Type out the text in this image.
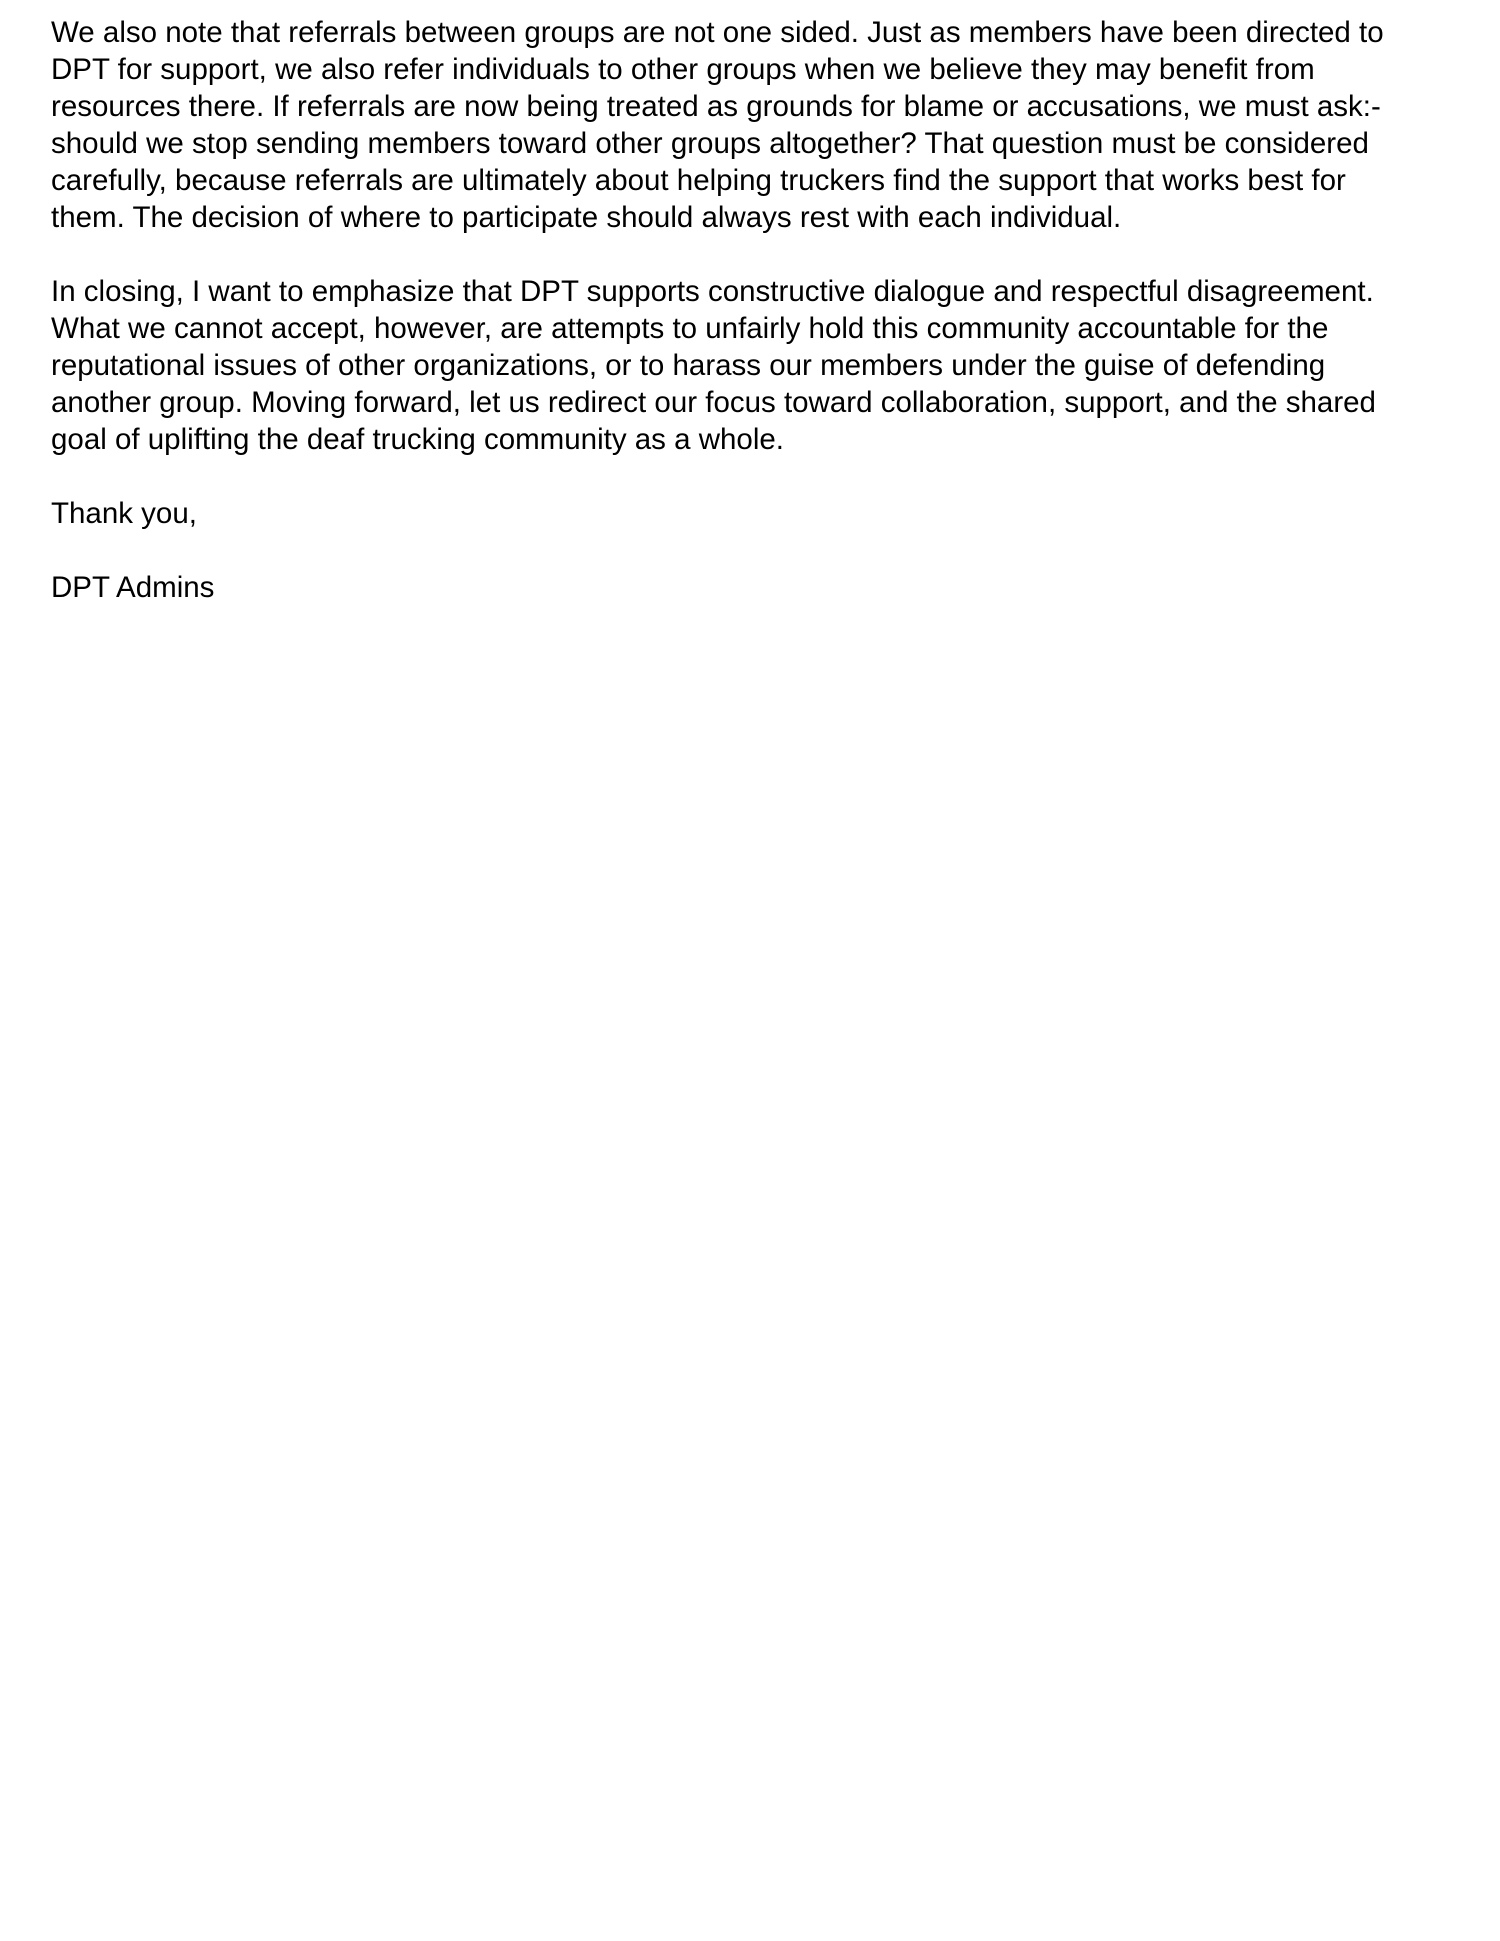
We also note that referrals between groups are not one sided. Just as members have been directed to
DPT for support, we also refer individuals to other groups when we believe they may benefit from
resources there. If referrals are now being treated as grounds for blame or accusations, we must ask:-
should we stop sending members toward other groups altogether? That question must be considered
carefully, because referrals are ultimately about helping truckers find the support that works best for
them. The decision of where to participate should always rest with each individual.
In closing, I want to emphasize that DPT supports constructive dialogue and respectful disagreement.
What we cannot accept, however, are attempts to unfairly hold this community accountable for the
reputational issues of other organizations, or to harass our members under the guise of defending
another group. Moving forward, let us redirect our focus toward collaboration, support, and the shared
goal of uplifting the deaf trucking community as a whole.
Thank you,
DPT Admins
